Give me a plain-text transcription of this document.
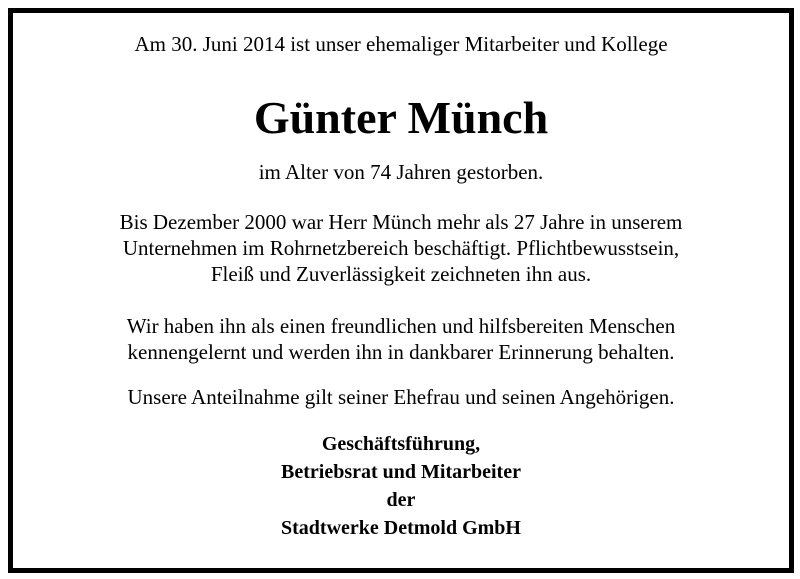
Am 30. Juni 2014 ist unser ehemaliger Mitarbeiter und Kollege
Günter Münch
im Alter von 74 Jahren gestorben.
Bis Dezember 2000 war Herr Münch mehr als 27 Jahre in unserem
Unternehmen im Rohrnetzbereich beschäftigt. Pflichtbewusstsein,
Fleiß und Zuverlässigkeit zeichneten ihn aus.
Wir haben ihn als einen freundlichen und hilfsbereiten Menschen
kennengelernt und werden ihn in dankbarer Erinnerung behalten.
Unsere Anteilnahme gilt seiner Ehefrau und seinen Angehörigen.
Geschäftsführung,
Betriebsrat und Mitarbeiter
der
Stadtwerke Detmold GmbH
